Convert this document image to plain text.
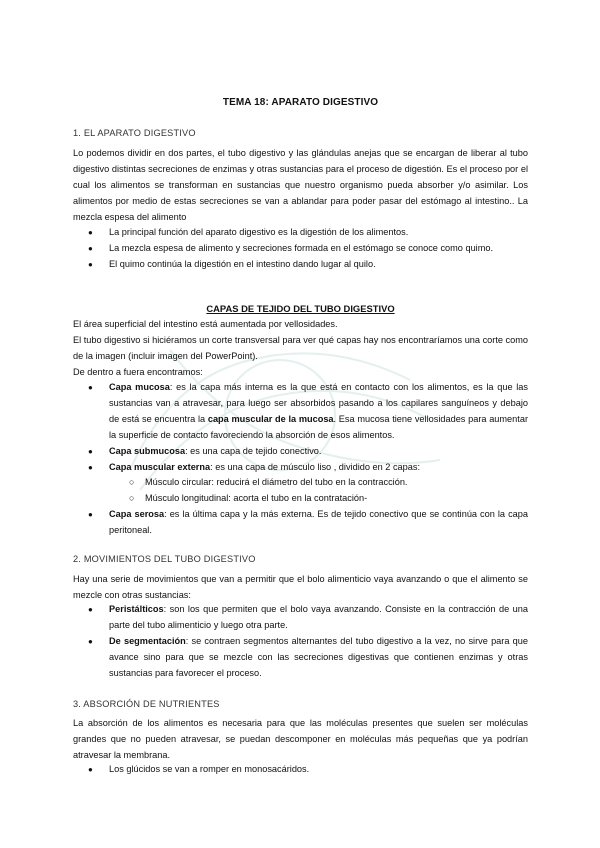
TEMA 18: APARATO DIGESTIVO
1. EL APARATO DIGESTIVO

Lo podemos dividir en dos partes, el tubo digestivo y las glándulas anejas que se encargan de liberar al tubo digestivo distintas secreciones de enzimas y otras sustancias para el proceso de digestión. Es el proceso por el cual los alimentos se transforman en sustancias que nuestro organismo pueda absorber y/o asimilar. Los alimentos por medio de estas secreciones se van a ablandar para poder pasar del estómago al intestino.. La mezcla espesa del alimento

● La principal función del aparato digestivo es la digestión de los alimentos.
● La mezcla espesa de alimento y secreciones formada en el estómago se conoce como quimo.
● El quimo continúa la digestión en el intestino dando lugar al quilo.
CAPAS DE TEJIDO DEL TUBO DIGESTIVO

El área superficial del intestino está aumentada por vellosidades.

El tubo digestivo si hiciéramos un corte transversal para ver qué capas hay nos encontraríamos una corte como de la imagen (incluir imagen del PowerPoint).

De dentro a fuera encontramos:

● Capa mucosa: es la capa más interna es la que está en contacto con los alimentos, es la que las sustancias van a atravesar, para luego ser absorbidos pasando a los capilares sanguíneos y debajo de está se encuentra la capa muscular de la mucosa. Esa mucosa tiene vellosidades para aumentar la superficie de contacto favoreciendo la absorción de esos alimentos.
● Capa submucosa: es una capa de tejido conectivo.
● Capa muscular externa: es una capa de músculo liso , dividido en 2 capas:
○ Músculo circular: reducirá el diámetro del tubo en la contracción.
○ Músculo longitudinal: acorta el tubo en la contratación-
● Capa serosa: es la última capa y la más externa. Es de tejido conectivo que se continúa con la capa peritoneal.
2. MOVIMIENTOS DEL TUBO DIGESTIVO

Hay una serie de movimientos que van a permitir que el bolo alimenticio vaya avanzando o que el alimento se mezcle con otras sustancias:

● Peristálticos: son los que permiten que el bolo vaya avanzando. Consiste en la contracción de una parte del tubo alimenticio y luego otra parte.
● De segmentación: se contraen segmentos alternantes del tubo digestivo a la vez, no sirve para que avance sino para que se mezcle con las secreciones digestivas que contienen enzimas y otras sustancias para favorecer el proceso.
3. ABSORCIÓN DE NUTRIENTES

La absorción de los alimentos es necesaria para que las moléculas presentes que suelen ser moléculas grandes que no pueden atravesar, se puedan descomponer en moléculas más pequeñas que ya podrían atravesar la membrana.

● Los glúcidos se van a romper en monosacáridos.
